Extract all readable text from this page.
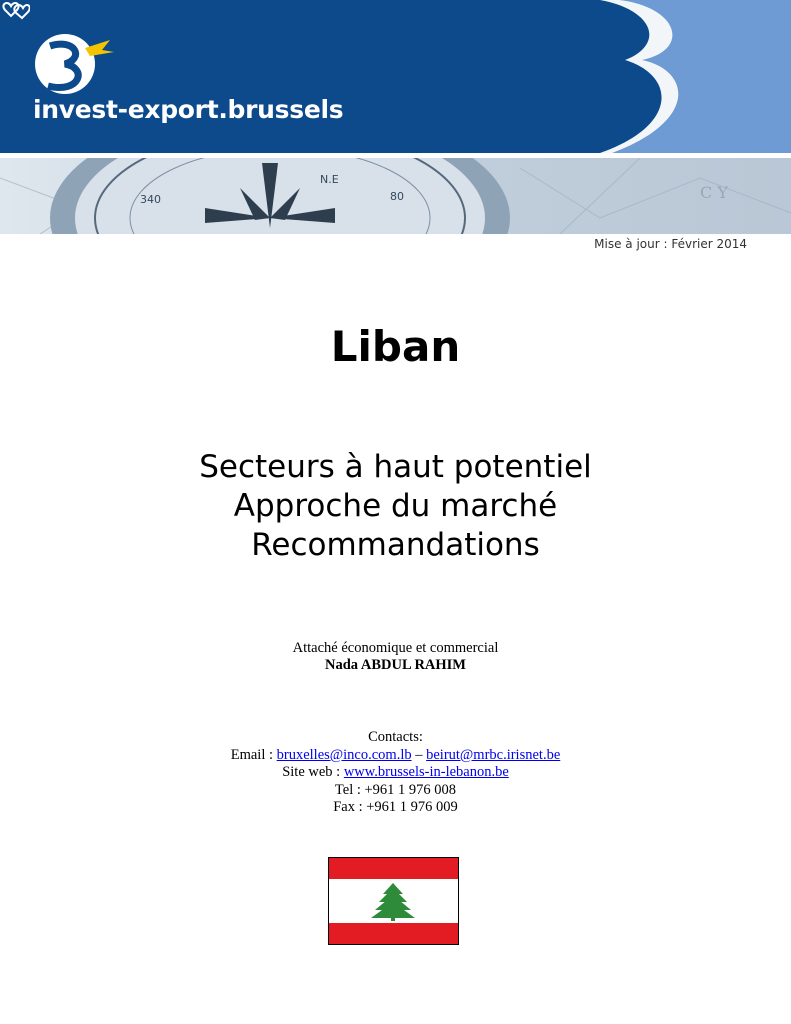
invest-export.brussels
340	80
N.E
C Y
Mise à jour : Février 2014
Liban
Secteurs à haut potentiel
Approche du marché
Recommandations
Attaché économique et commercial
Nada ABDUL RAHIM
Contacts:
Email : bruxelles@inco.com.lb – beirut@mrbc.irisnet.be
Site web : www.brussels-in-lebanon.be
Tel : +961 1 976 008
Fax : +961 1 976 009
